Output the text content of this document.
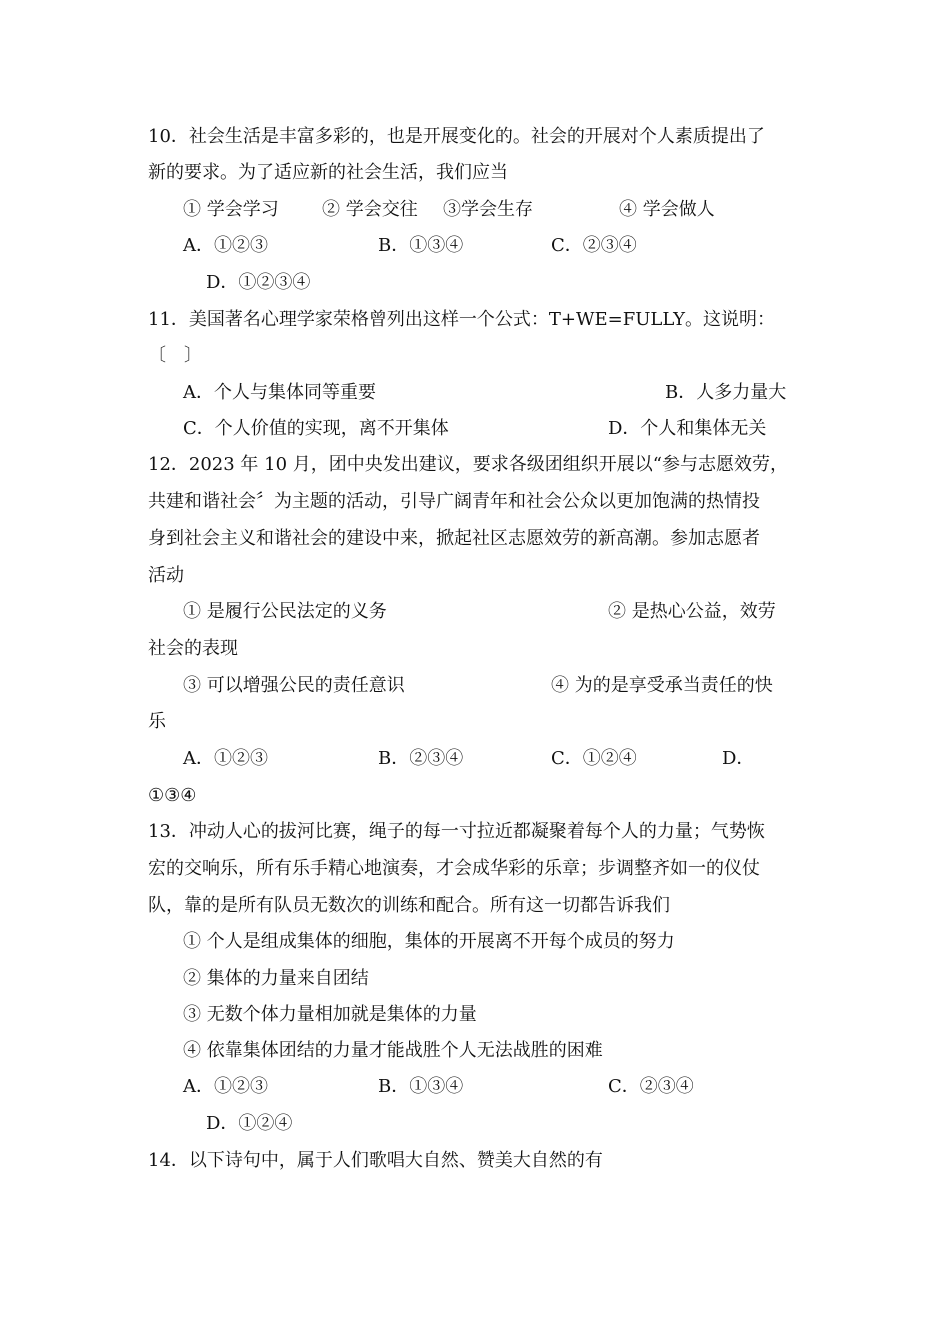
10．社会生活是丰富多彩的，也是开展变化的。社会的开展对个人素质提出了
新的要求。为了适应新的社会生活，我们应当
① 学会学习 ② 学会交往 ③学会生存	④ 学会做人
A．①②③	B．①③④	C．②③④
D．①②③④
11．美国著名心理学家荣格曾列出这样一个公式：T+WE=FULLY。这说明：
〔　〕
A．个人与集体同等重要	B．人多力量大
C．个人价值的实现，离不开集体	D．个人和集体无关
12．2023 年 10 月，团中央发出建议，要求各级团组织开展以“参与志愿效劳，
共建和谐社会〞为主题的活动，引导广阔青年和社会公众以更加饱满的热情投
身到社会主义和谐社会的建设中来，掀起社区志愿效劳的新高潮。参加志愿者
活动
① 是履行公民法定的义务	② 是热心公益，效劳
社会的表现
③ 可以增强公民的责任意识	④ 为的是享受承当责任的快
乐
A．①②③	B．②③④	C．①②④	D．
①③④
13．冲动人心的拔河比赛，绳子的每一寸拉近都凝聚着每个人的力量；气势恢
宏的交响乐，所有乐手精心地演奏，才会成华彩的乐章；步调整齐如一的仪仗
队，靠的是所有队员无数次的训练和配合。所有这一切都告诉我们
① 个人是组成集体的细胞，集体的开展离不开每个成员的努力
② 集体的力量来自团结
③ 无数个体力量相加就是集体的力量
④ 依靠集体团结的力量才能战胜个人无法战胜的困难
A．①②③	B．①③④	C．②③④
D．①②④
14．以下诗句中，属于人们歌唱大自然、赞美大自然的有
